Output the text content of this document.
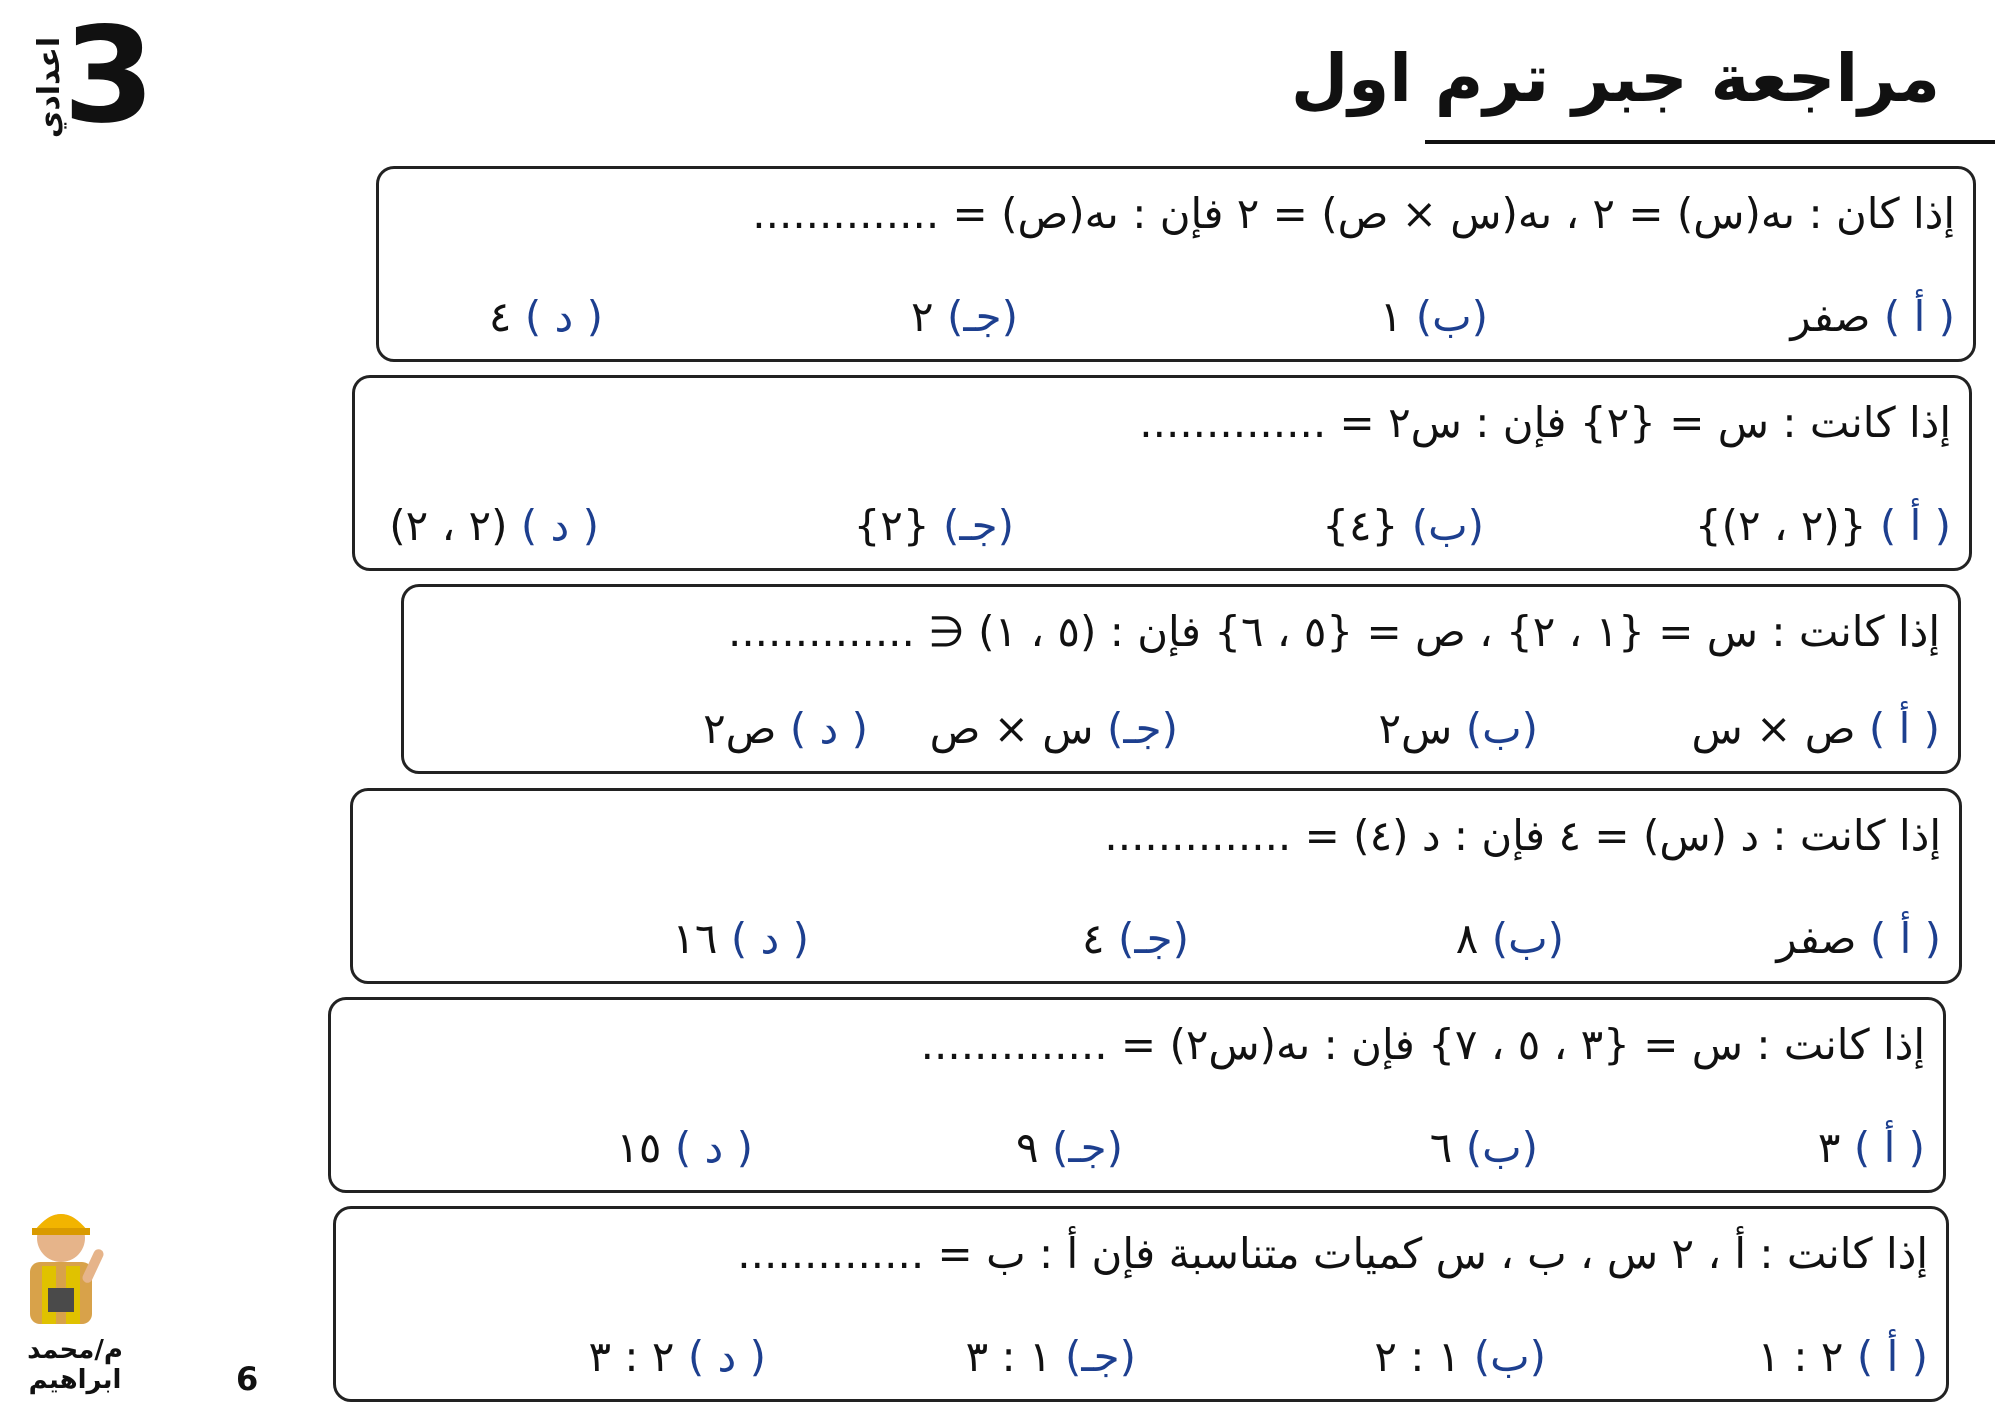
3
اعدادي	مراجعة جبر ترم اول
إذا كان : ىه(س) = ٢ ، ىه(س × ص) = ٢ فإن : ىه(ص) = ..............
( أ ) صفر
(ب) ١
(جـ) ٢
( د ) ٤
إذا كانت : س = {٢} فإن : س٢ = ..............
( أ ) {(٢ ، ٢)}
(ب) {٤}
(جـ) {٢}
( د ) (٢ ، ٢)
إذا كانت : س = {١ ، ٢} ، ص = {٥ ، ٦} فإن : (٥ ، ١) ∈ ..............
( أ ) ص × س
(ب) س٢
(جـ) س × ص
( د ) ص٢
إذا كانت : د (س) = ٤ فإن : د (٤) = ..............
( أ ) صفر
(ب) ٨
(جـ) ٤
( د ) ١٦
إذا كانت : س = {٣ ، ٥ ، ٧} فإن : ىه(س٢) = ..............
( أ ) ٣
(ب) ٦
(جـ) ٩
( د ) ١٥
إذا كانت : أ ، ٢ س ، ب ، س كميات متناسبة فإن أ : ب = ..............
( أ ) ٢ : ١
(ب) ١ : ٢
(جـ) ١ : ٣
( د ) ٢ : ٣
م/محمد ابراهيم	6
